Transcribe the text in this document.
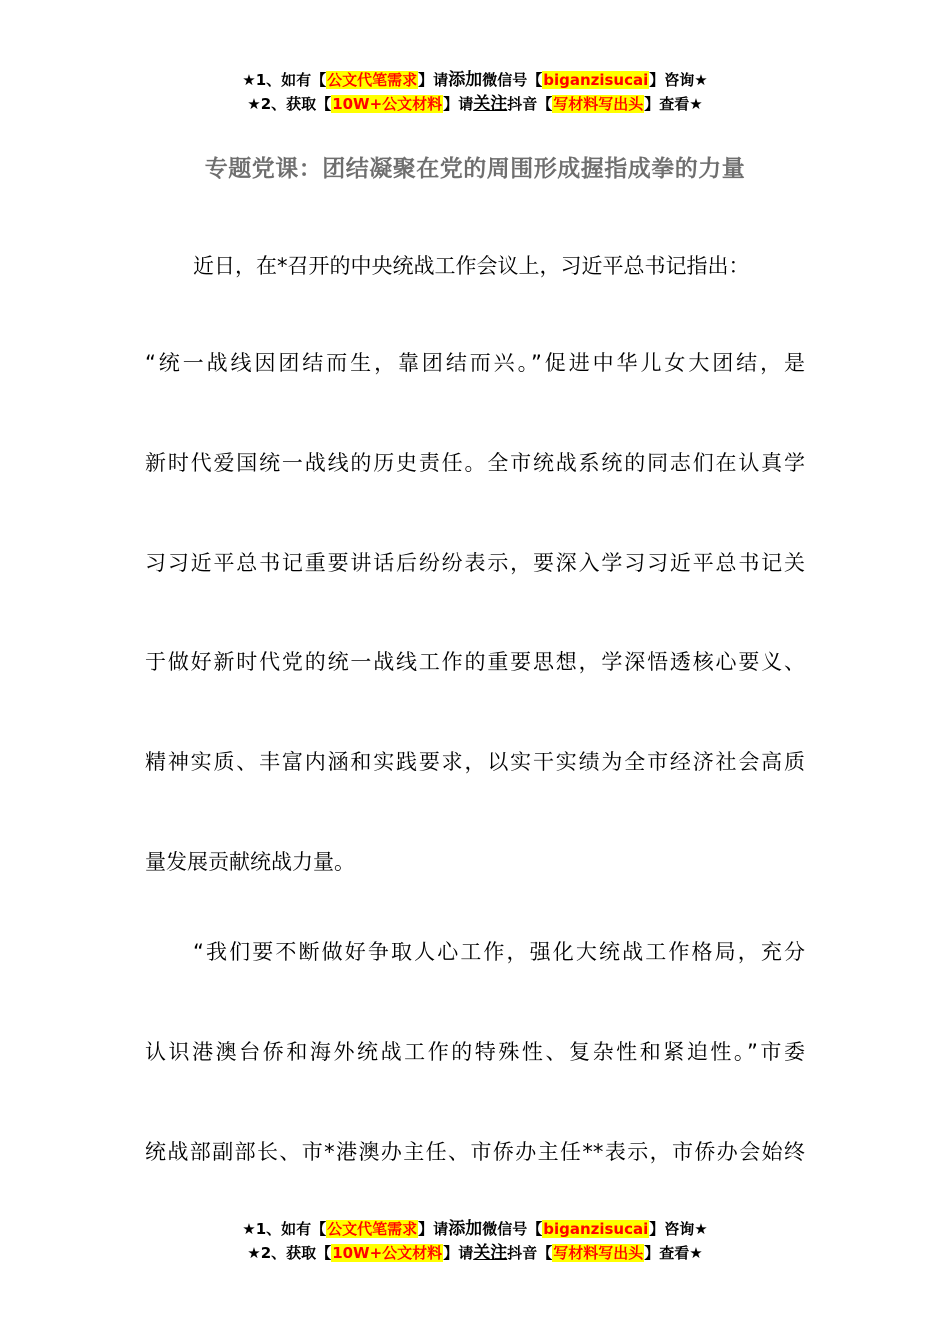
★1、如有【公文代笔需求】请添加微信号【biganzisucai】咨询★
★2、获取【10W+公文材料】请关注抖音【写材料写出头】查看★
专题党课：团结凝聚在党的周围形成握指成拳的力量
近日，在*召开的中央统战工作会议上，习近平总书记指出：
“统一战线因团结而生，靠团结而兴。”促进中华儿女大团结，是
新时代爱国统一战线的历史责任。全市统战系统的同志们在认真学
习习近平总书记重要讲话后纷纷表示，要深入学习习近平总书记关
于做好新时代党的统一战线工作的重要思想，学深悟透核心要义、
精神实质、丰富内涵和实践要求，以实干实绩为全市经济社会高质
量发展贡献统战力量。
“我们要不断做好争取人心工作，强化大统战工作格局，充分
认识港澳台侨和海外统战工作的特殊性、复杂性和紧迫性。”市委
统战部副部长、市*港澳办主任、市侨办主任**表示，市侨办会始终
★1、如有【公文代笔需求】请添加微信号【biganzisucai】咨询★
★2、获取【10W+公文材料】请关注抖音【写材料写出头】查看★
